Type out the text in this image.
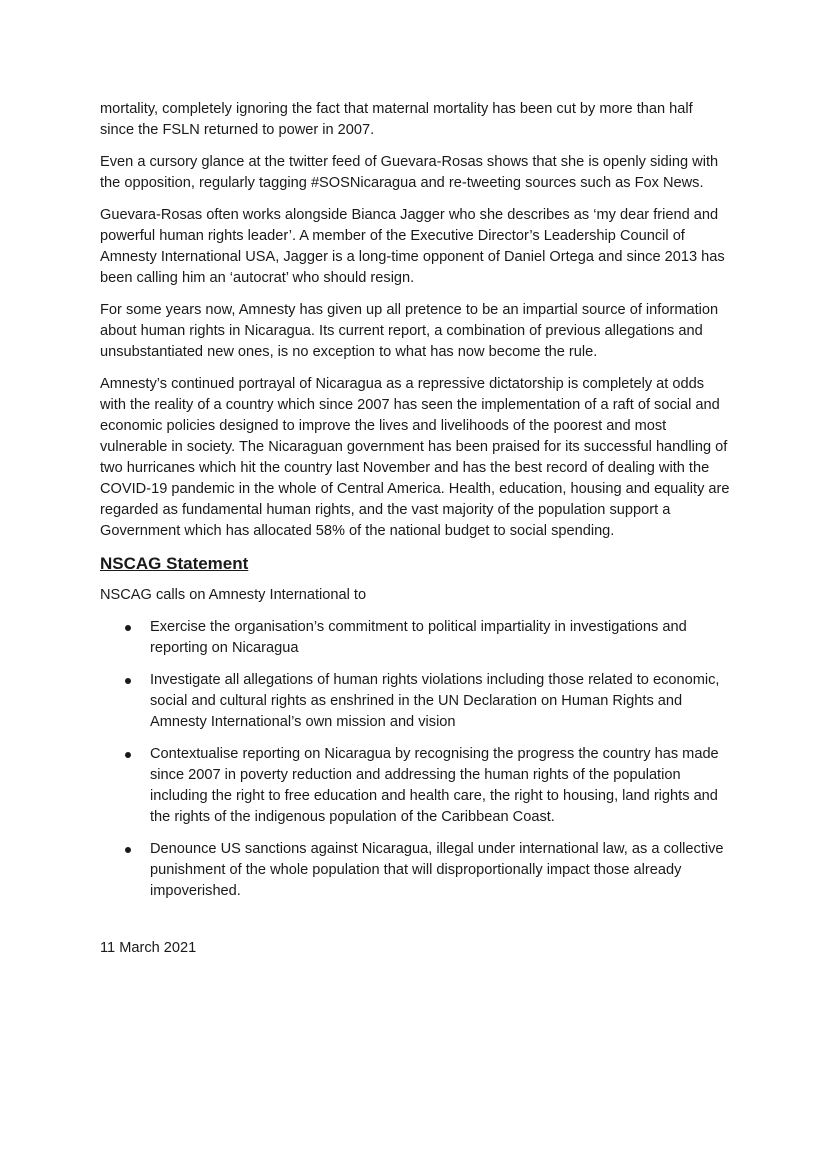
mortality, completely ignoring the fact that maternal mortality has been cut by more than half since the FSLN returned to power in 2007.

Even a cursory glance at the twitter feed of Guevara-Rosas shows that she is openly siding with the opposition, regularly tagging #SOSNicaragua and re-tweeting sources such as Fox News.

Guevara-Rosas often works alongside Bianca Jagger who she describes as ‘my dear friend and powerful human rights leader’. A member of the Executive Director’s Leadership Council of Amnesty International USA, Jagger is a long-time opponent of Daniel Ortega and since 2013 has been calling him an ‘autocrat’ who should resign.

For some years now, Amnesty has given up all pretence to be an impartial source of information about human rights in Nicaragua. Its current report, a combination of previous allegations and unsubstantiated new ones, is no exception to what has now become the rule.

Amnesty’s continued portrayal of Nicaragua as a repressive dictatorship is completely at odds with the reality of a country which since 2007 has seen the implementation of a raft of social and economic policies designed to improve the lives and livelihoods of the poorest and most vulnerable in society. The Nicaraguan government has been praised for its successful handling of two hurricanes which hit the country last November and has the best record of dealing with the COVID-19 pandemic in the whole of Central America. Health, education, housing and equality are regarded as fundamental human rights, and the vast majority of the population support a Government which has allocated 58% of the national budget to social spending.

NSCAG Statement

NSCAG calls on Amnesty International to

Exercise the organisation’s commitment to political impartiality in investigations and reporting on Nicaragua
Investigate all allegations of human rights violations including those related to economic, social and cultural rights as enshrined in the UN Declaration on Human Rights and Amnesty International’s own mission and vision
Contextualise reporting on Nicaragua by recognising the progress the country has made since 2007 in poverty reduction and addressing the human rights of the population including the right to free education and health care, the right to housing, land rights and the rights of the indigenous population of the Caribbean Coast.
Denounce US sanctions against Nicaragua, illegal under international law, as a collective punishment of the whole population that will disproportionally impact those already impoverished.

11 March 2021
